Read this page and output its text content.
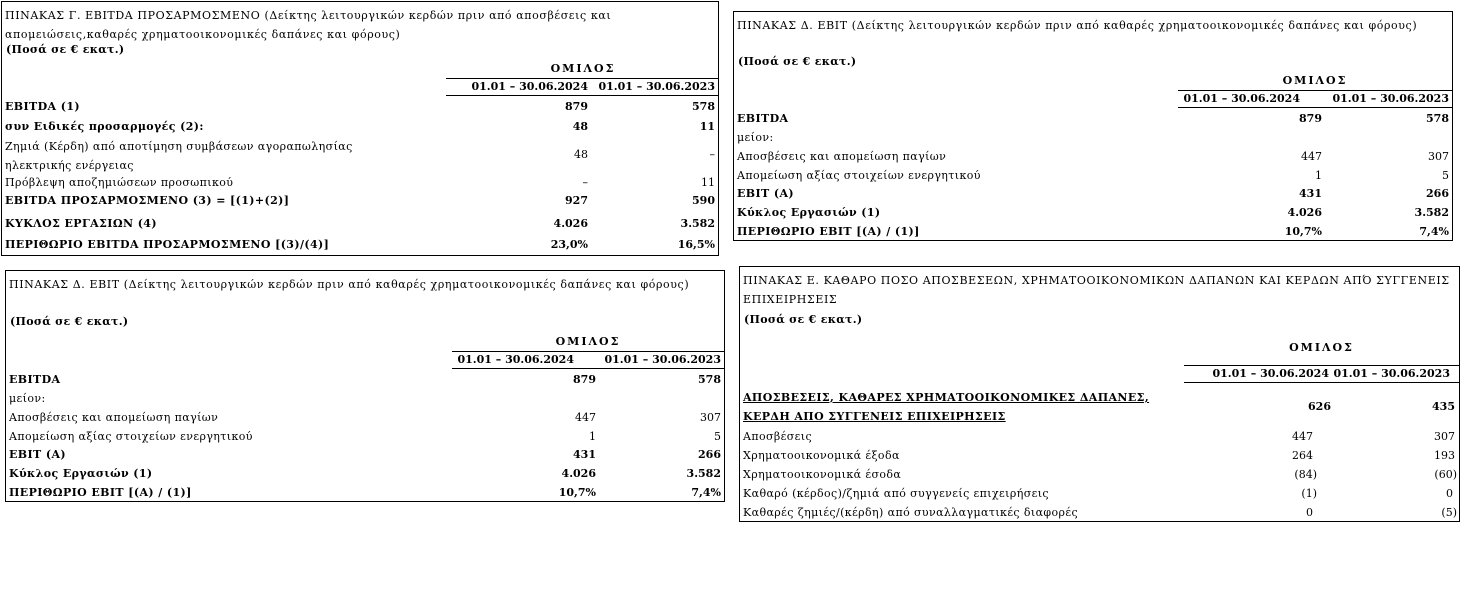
ΠΙΝΑΚΑΣ Γ. EBITDA ΠΡΟΣΑΡΜΟΣΜΕΝΟ (Δείκτης λειτουργικών κερδών πριν από αποσβέσεις και απομειώσεις,καθαρές χρηματοοικονομικές δαπάνες και φόρους)
(Ποσά σε € εκατ.)
ΟΜΙΛΟΣ
01.01 – 30.06.2024 01.01 – 30.06.2023
EBITDA (1)	879	578
συν Ειδικές προσαρμογές (2):	48	11
Ζημιά (Κέρδη) από αποτίμηση συμβάσεων αγοραπωλησίας ηλεκτρικής ενέργειας
48	–
Πρόβλεψη αποζημιώσεων προσωπικού	–	11
EBITDA ΠΡΟΣΑΡΜΟΣΜΕΝΟ (3) = [(1)+(2)]	927	590
ΚΥΚΛΟΣ ΕΡΓΑΣΙΩΝ (4)	4.026	3.582
ΠΕΡΙΘΩΡΙΟ EBITDA ΠΡΟΣΑΡΜΟΣΜΕΝΟ [(3)/(4)]	23,0%	16,5%
ΠΙΝΑΚΑΣ Δ. EBIT (Δείκτης λειτουργικών κερδών πριν από καθαρές χρηματοοικονομικές δαπάνες και φόρους)
(Ποσά σε € εκατ.)
ΟΜΙΛΟΣ
01.01 – 30.06.2024	01.01 – 30.06.2023
EBITDA	879	578
μείον:
Αποσβέσεις και απομείωση παγίων	447	307
Απομείωση αξίας στοιχείων ενεργητικού	1	5
EBIT (A)	431	266
Κύκλος Εργασιών (1)	4.026	3.582
ΠΕΡΙΘΩΡΙΟ EBIT [(A) / (1)]	10,7%	7,4%
ΠΙΝΑΚΑΣ Δ. EBIT (Δείκτης λειτουργικών κερδών πριν από καθαρές χρηματοοικονομικές δαπάνες και φόρους)
(Ποσά σε € εκατ.)
ΟΜΙΛΟΣ
01.01 – 30.06.2024	01.01 – 30.06.2023
EBITDA	879	578
μείον:
Αποσβέσεις και απομείωση παγίων	447	307
Απομείωση αξίας στοιχείων ενεργητικού	1	5
EBIT (A)	431	266
Κύκλος Εργασιών (1)	4.026	3.582
ΠΕΡΙΘΩΡΙΟ EBIT [(A) / (1)]	10,7%	7,4%
ΠΙΝΑΚΑΣ Ε. ΚΑΘΑΡΟ ΠΟΣΟ ΑΠΟΣΒΕΣΕΩΝ, ΧΡΗΜΑΤΟΟΙΚΟΝΟΜΙΚΩΝ ΔΑΠΑΝΩΝ ΚΑΙ ΚΕΡΔΩΝ ΑΠΌ ΣΥΓΓΕΝΕΙΣ ΕΠΙΧΕΙΡΗΣΕΙΣ
(Ποσά σε € εκατ.)
ΟΜΙΛΟΣ
01.01 – 30.06.2024 01.01 – 30.06.2023
ΑΠΟΣΒΕΣΕΙΣ, ΚΑΘΑΡΕΣ ΧΡΗΜΑΤΟΟΙΚΟΝΟΜΙΚΕΣ ΔΑΠΑΝΕΣ, ΚΕΡΔΗ ΑΠΟ ΣΥΓΓΕΝΕΙΣ ΕΠΙΧΕΙΡΗΣΕΙΣ
626	435
Αποσβέσεις	447	307
Χρηματοοικονομικά έξοδα	264	193
Χρηματοοικονομικά έσοδα	(84)	(60)
Καθαρό (κέρδος)/ζημιά από συγγενείς επιχειρήσεις	(1)	0
Καθαρές ζημιές/(κέρδη) από συναλλαγματικές διαφορές	0	(5)
